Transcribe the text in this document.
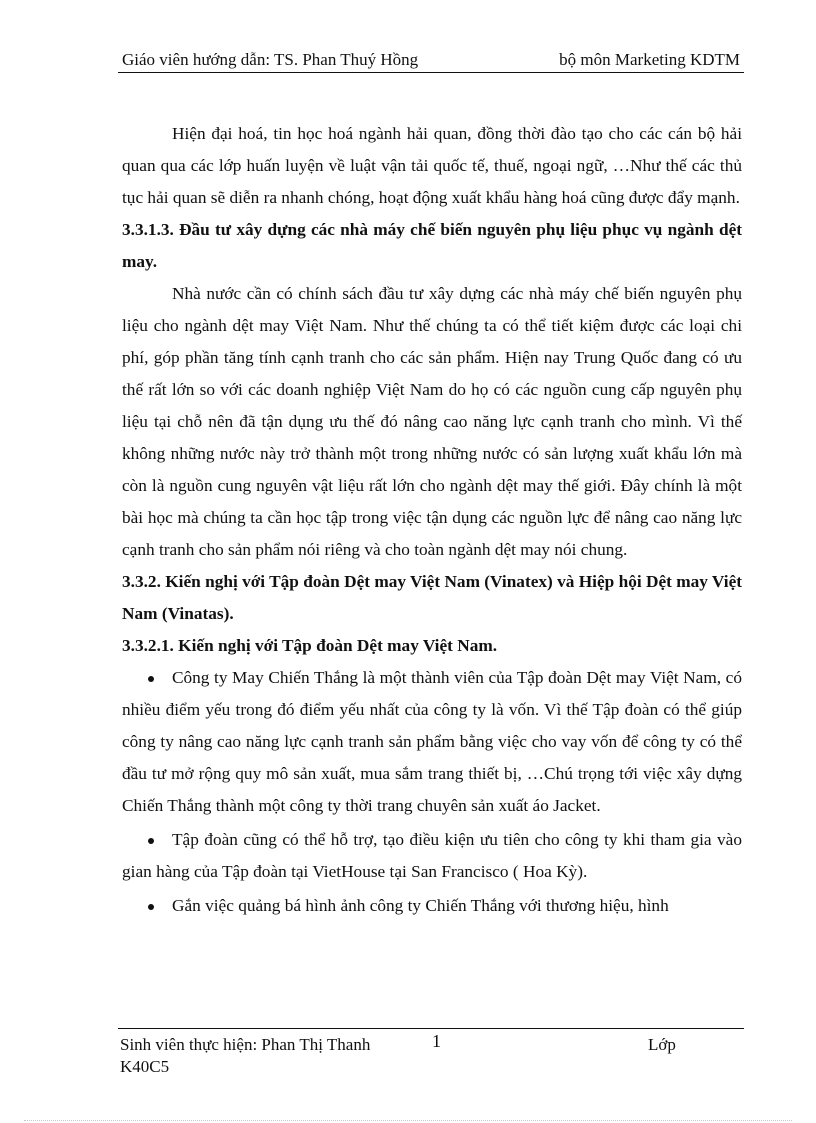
Giáo viên hướng dẫn: TS. Phan Thuý Hồng	bộ môn Marketing KDTM

Hiện đại hoá, tin học hoá ngành hải quan, đồng thời đào tạo cho các cán bộ hải quan qua các lớp huấn luyện về luật vận tải quốc tế, thuế, ngoại ngữ, …Như thế các thủ tục hải quan sẽ diễn ra nhanh chóng, hoạt động xuất khẩu hàng hoá cũng được đẩy mạnh.

3.3.1.3. Đầu tư xây dựng các nhà máy chế biến nguyên phụ liệu phục vụ ngành dệt may.

Nhà nước cần có chính sách đầu tư xây dựng các nhà máy chế biến nguyên phụ liệu cho ngành dệt may Việt Nam. Như thế chúng ta có thể tiết kiệm được các loại chi phí, góp phần tăng tính cạnh tranh cho các sản phẩm. Hiện nay Trung Quốc đang có ưu thế rất lớn so với các doanh nghiệp Việt Nam do họ có các nguồn cung cấp nguyên phụ liệu tại chỗ nên đã tận dụng ưu thế đó nâng cao năng lực cạnh tranh cho mình. Vì thế không những nước này trở thành một trong những nước có sản lượng xuất khẩu lớn mà còn là nguồn cung nguyên vật liệu rất lớn cho ngành dệt may thế giới. Đây chính là một bài học mà chúng ta cần học tập trong việc tận dụng các nguồn lực để nâng cao năng lực cạnh tranh cho sản phẩm nói riêng và cho toàn ngành dệt may nói chung.

3.3.2. Kiến nghị với Tập đoàn Dệt may Việt Nam (Vinatex) và Hiệp hội Dệt may Việt Nam (Vinatas).

3.3.2.1. Kiến nghị với Tập đoàn Dệt may Việt Nam.

Công ty May Chiến Thắng là một thành viên của Tập đoàn Dệt may Việt Nam, có nhiều điểm yếu trong đó điểm yếu nhất của công ty là vốn. Vì thế Tập đoàn có thể giúp công ty nâng cao năng lực cạnh tranh sản phẩm bằng việc cho vay vốn để công ty có thể đầu tư mở rộng quy mô sản xuất, mua sắm trang thiết bị, …Chú trọng tới việc xây dựng Chiến Thắng thành một công ty thời trang chuyên sản xuất áo Jacket.

Tập đoàn cũng có thể hỗ trợ, tạo điều kiện ưu tiên cho công ty khi tham gia vào gian hàng của Tập đoàn tại VietHouse tại San Francisco ( Hoa Kỳ).

Gắn việc quảng bá hình ảnh công ty Chiến Thắng với thương hiệu, hình

Sinh viên thực hiện: Phan Thị Thanh K40C5
1	Lớp
